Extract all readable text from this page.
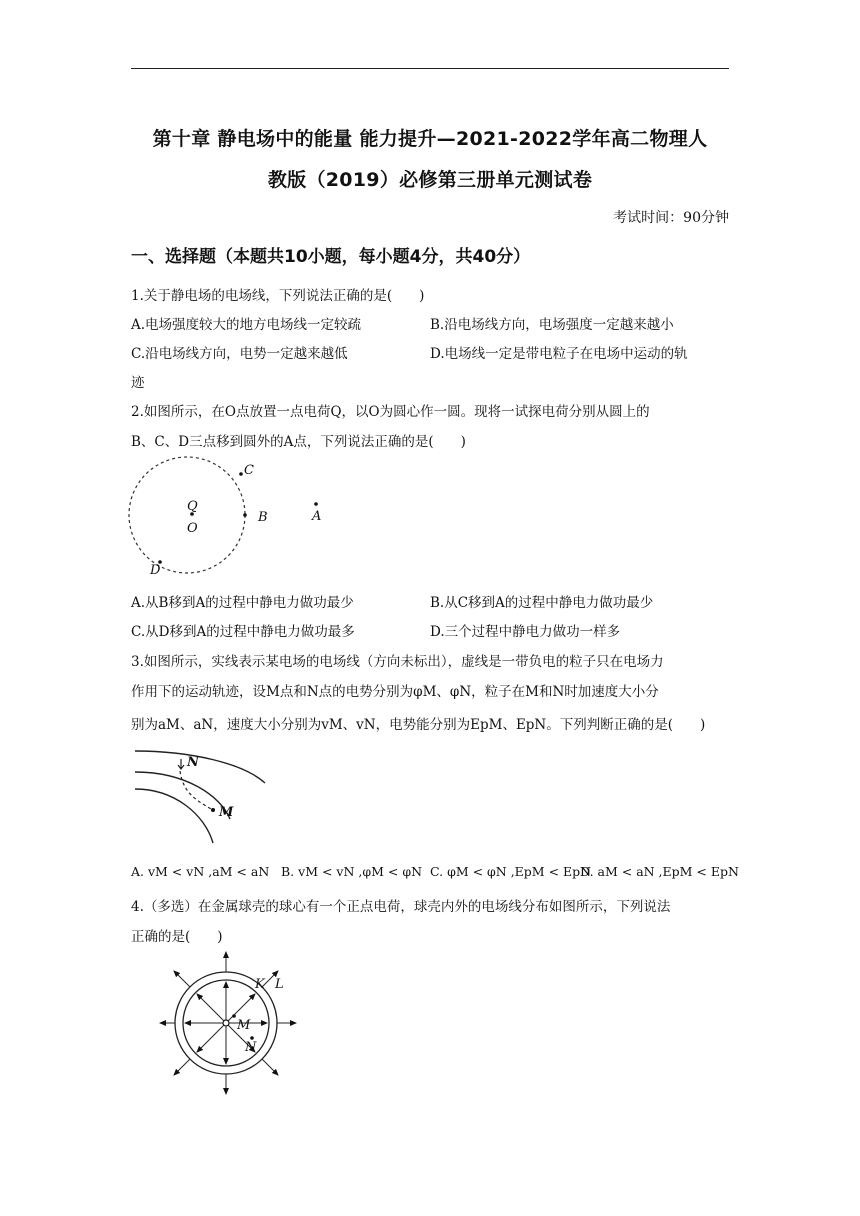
第十章 静电场中的能量 能力提升—2021-2022学年高二物理人
教版（2019）必修第三册单元测试卷
考试时间：90分钟
一、选择题（本题共10小题，每小题4分，共40分）
1.关于静电场的电场线，下列说法正确的是(　　)
A.电场强度较大的地方电场线一定较疏	B.沿电场线方向，电场强度一定越来越小
C.沿电场线方向，电势一定越来越低	D.电场线一定是带电粒子在电场中运动的轨
迹
2.如图所示，在O点放置一点电荷Q，以O为圆心作一圆。现将一试探电荷分别从圆上的
B、C、D三点移到圆外的A点，下列说法正确的是(　　)
C
Q
O
B	A
D
A.从B移到A的过程中静电力做功最少	B.从C移到A的过程中静电力做功最少
C.从D移到A的过程中静电力做功最多	D.三个过程中静电力做功一样多
3.如图所示，实线表示某电场的电场线（方向未标出），虚线是一带负电的粒子只在电场力
作用下的运动轨迹，设M点和N点的电势分别为φM、φN，粒子在M和N时加速度大小分
别为aM、aN，速度大小分别为vM、vN，电势能分别为EpM、EpN。下列判断正确的是(　　)
N
M
A. vM < vN ,aM < aN B. vM < vN ,φM < φN C. φM < φN ,EpM < EpN
D. aM < aN ,EpM < EpN
4.（多选）在金属球壳的球心有一个正点电荷，球壳内外的电场线分布如图所示，下列说法
正确的是(　　)
K L
M
N
